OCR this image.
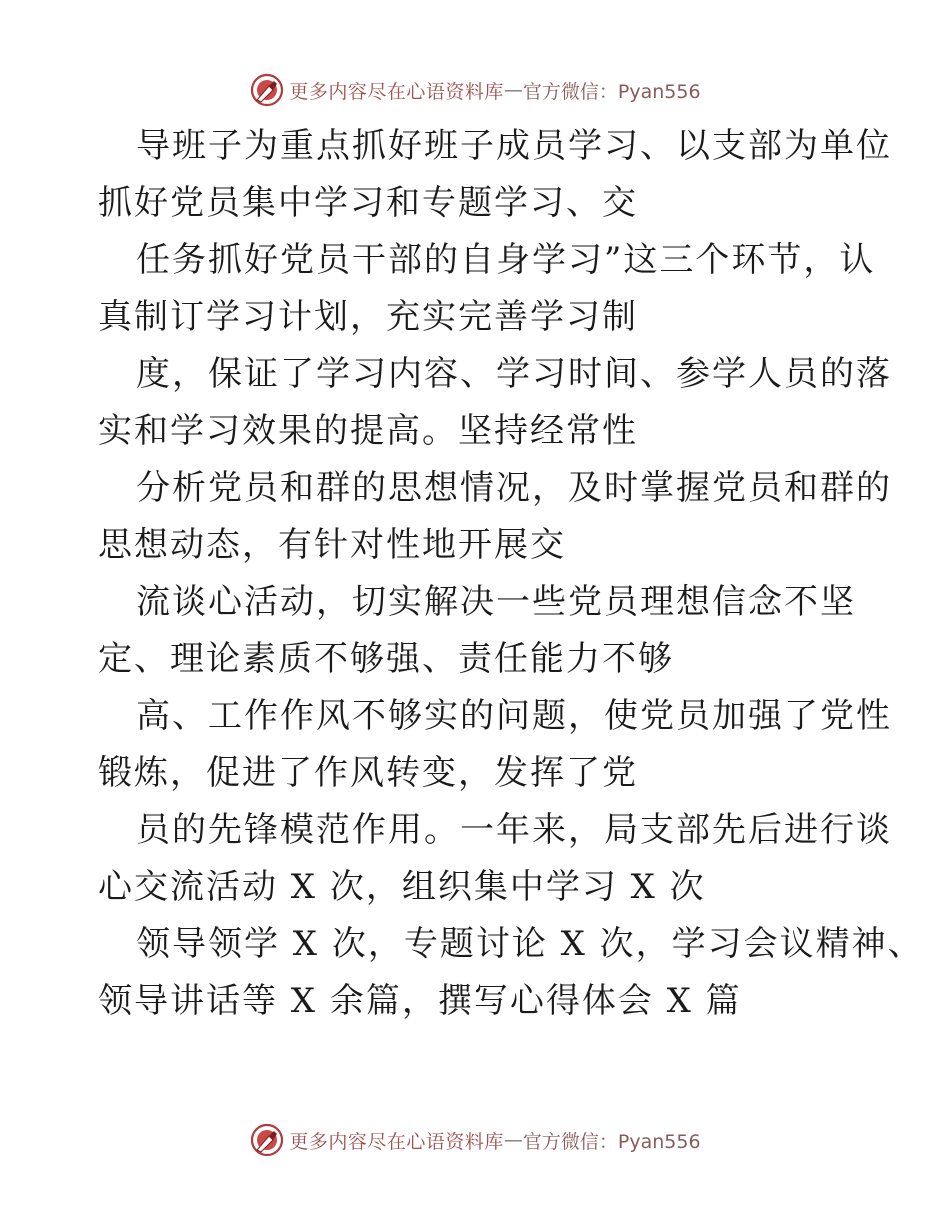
更多内容尽在心语资料库 — 官方微信：Pyan556
导班子为重点抓好班子成员学习、以支部为单位
抓好党员集中学习和专题学习、交
任务抓好党员干部的自身学习”这三个环节，认
真制订学习计划，充实完善学习制
度，保证了学习内容、学习时间、参学人员的落
实和学习效果的提高。坚持经常性
分析党员和群的思想情况，及时掌握党员和群的
思想动态，有针对性地开展交
流谈心活动，切实解决一些党员理想信念不坚
定、理论素质不够强、责任能力不够
高、工作作风不够实的问题，使党员加强了党性
锻炼，促进了作风转变，发挥了党
员的先锋模范作用。一年来，局支部先后进行谈
心交流活动 X 次，组织集中学习 X 次
领导领学 X 次，专题讨论 X 次，学习会议精神、
领导讲话等 X 余篇，撰写心得体会 X 篇
更多内容尽在心语资料库 — 官方微信：Pyan556
